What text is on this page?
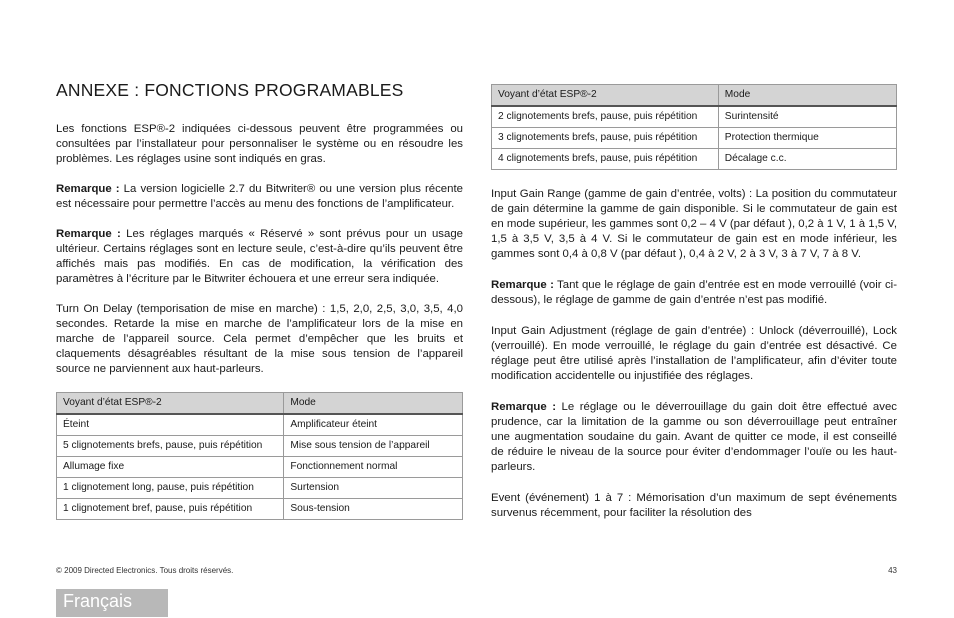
ANNEXE : FONCTIONS PROGRAMABLES

Les fonctions ESP®-2 indiquées ci-dessous peuvent être programmées ou consultées par l’installateur pour personnaliser le système ou en résoudre les problèmes. Les réglages usine sont indiqués en gras.

Remarque : La version logicielle 2.7 du Bitwriter® ou une version plus récente est nécessaire pour permettre l’accès au menu des fonctions de l’amplificateur.

Remarque : Les réglages marqués « Réservé » sont prévus pour un usage ultérieur. Certains réglages sont en lecture seule, c’est-à-dire qu’ils peuvent être affichés mais pas modifiés. En cas de modification, la vérification des paramètres à l’écriture par le Bitwriter échouera et une erreur sera indiquée.

Turn On Delay (temporisation de mise en marche) : 1,5, 2,0, 2,5, 3,0, 3,5, 4,0 secondes. Retarde la mise en marche de l’amplificateur lors de la mise en marche de l’appareil source. Cela permet d’empêcher que les bruits et claquements désagréables résultant de la mise sous tension de l’appareil source ne parviennent aux haut-parleurs.

Voyant d’état ESP®-2	Mode
Éteint	Amplificateur éteint
5 clignotements brefs, pause, puis répétition	Mise sous tension de l’appareil
Allumage fixe	Fonctionnement normal
1 clignotement long, pause, puis répétition	Surtension
1 clignotement bref, pause, puis répétition	Sous-tension
Voyant d’état ESP®-2	Mode
2 clignotements brefs, pause, puis répétition	Surintensité
3 clignotements brefs, pause, puis répétition	Protection thermique
4 clignotements brefs, pause, puis répétition	Décalage c.c.

Input Gain Range (gamme de gain d’entrée, volts) : La position du commutateur de gain détermine la gamme de gain disponible. Si le commutateur de gain est en mode supérieur, les gammes sont 0,2 – 4 V (par défaut ), 0,2 à 1 V, 1 à 1,5 V, 1,5 à 3,5 V, 3,5 à 4 V. Si le commutateur de gain est en mode inférieur, les gammes sont 0,4 à 0,8 V (par défaut ), 0,4 à 2 V, 2 à 3 V, 3 à 7 V, 7 à 8 V.

Remarque : Tant que le réglage de gain d’entrée est en mode verrouillé (voir ci-dessous), le réglage de gamme de gain d’entrée n’est pas modifié.

Input Gain Adjustment (réglage de gain d’entrée) : Unlock (déverrouillé), Lock (verrouillé). En mode verrouillé, le réglage du gain d’entrée est désactivé. Ce réglage peut être utilisé après l’installation de l’amplificateur, afin d’éviter toute modification accidentelle ou injustifiée des réglages.

Remarque : Le réglage ou le déverrouillage du gain doit être effectué avec prudence, car la limitation de la gamme ou son déverrouillage peut entraîner une augmentation soudaine du gain. Avant de quitter ce mode, il est conseillé de réduire le niveau de la source pour éviter d’endommager l’ouïe ou les haut-parleurs.

Event (événement) 1 à 7 : Mémorisation d’un maximum de sept événements survenus récemment, pour faciliter la résolution des

© 2009 Directed Electronics. Tous droits réservés.	43
Français
